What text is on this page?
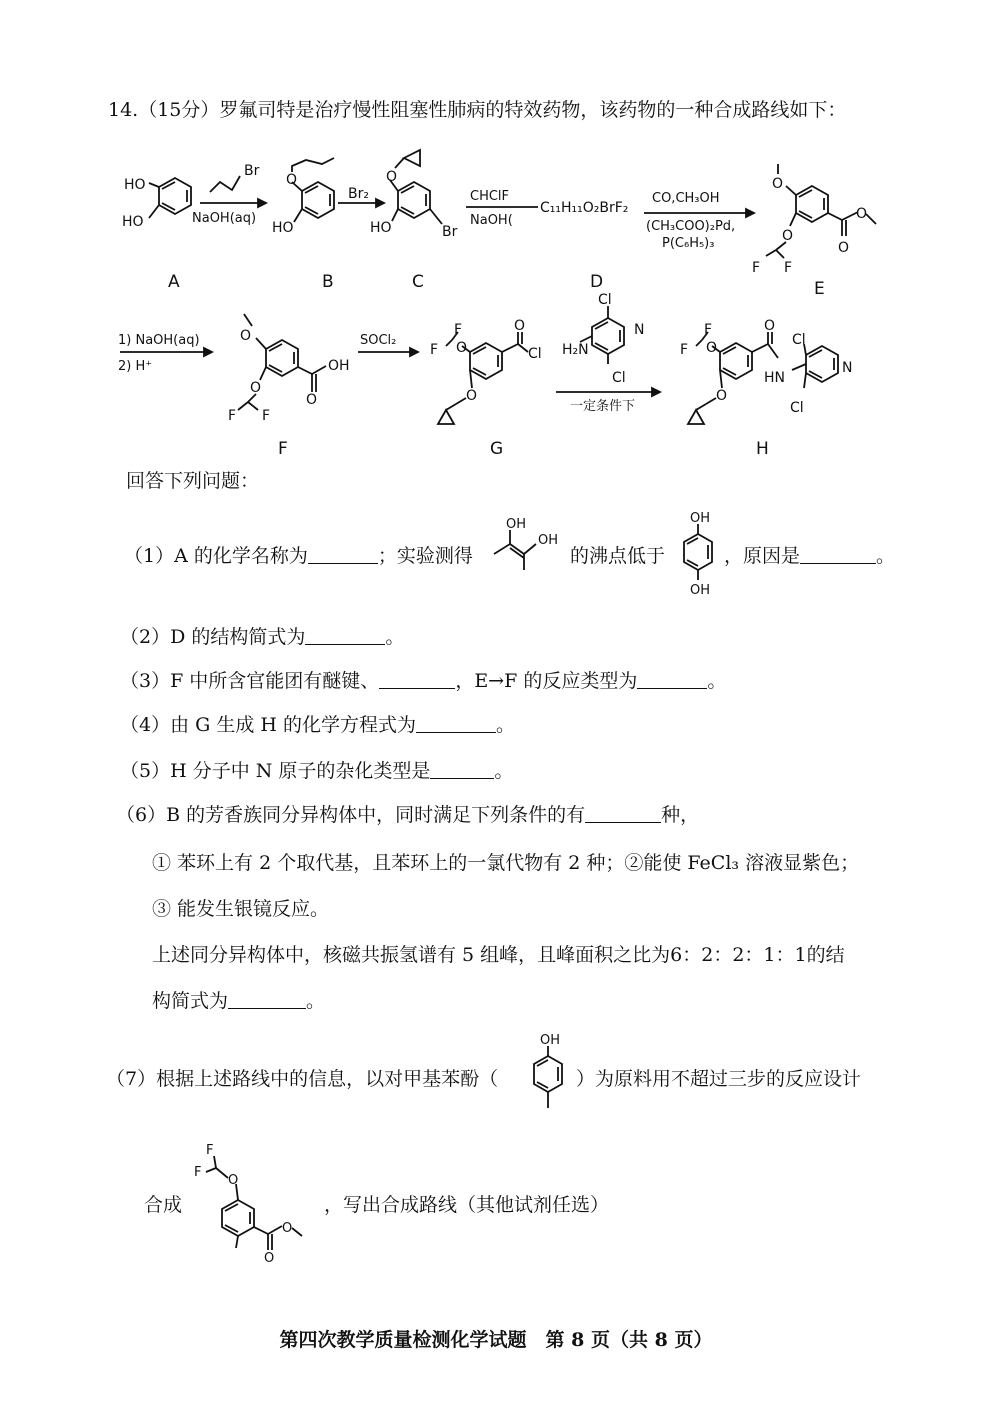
14.（15分）罗氟司特是治疗慢性阻塞性肺病的特效药物，该药物的一种合成路线如下：
HO
HO
A
Br
NaOH(aq)
O
HO
B
Br₂
O
HO	Br
C
CHClF
NaOH(
C₁₁H₁₁O₂BrF₂
D
CO,CH₃OH
(CH₃COO)₂Pd,
P(C₆H₅)₃
O
O
F F
O
O
E
1) NaOH(aq)
2) H⁺
O
O
F F
O
OH
F
SOCl₂	O
F
F
O
O
Cl
G
Cl
N
H₂N
Cl
一定条件下
O
F
F
O
O
HN
Cl
N
Cl
H
回答下列问题：
（1）A 的化学名称为	；实验测得
OH
OH
的沸点低于
OH
OH
，原因是	。
（2）D 的结构简式为	。
（3）F 中所含官能团有醚键、	，E→F 的反应类型为	。
（4）由 G 生成 H 的化学方程式为	。
（5）H 分子中 N 原子的杂化类型是	。
（6）B 的芳香族同分异构体中，同时满足下列条件的有	种，
① 苯环上有 2 个取代基，且苯环上的一氯代物有 2 种；②能使 FeCl₃ 溶液显紫色；
③ 能发生银镜反应。
上述同分异构体中，核磁共振氢谱有 5 组峰，且峰面积之比为6：2：2：1：1的结
构简式为	。
（7）根据上述路线中的信息，以对甲基苯酚（
OH
）为原料用不超过三步的反应设计
合成
O
F
F
O
O
，写出合成路线（其他试剂任选）
第四次教学质量检测化学试题　第 8 页（共 8 页）
